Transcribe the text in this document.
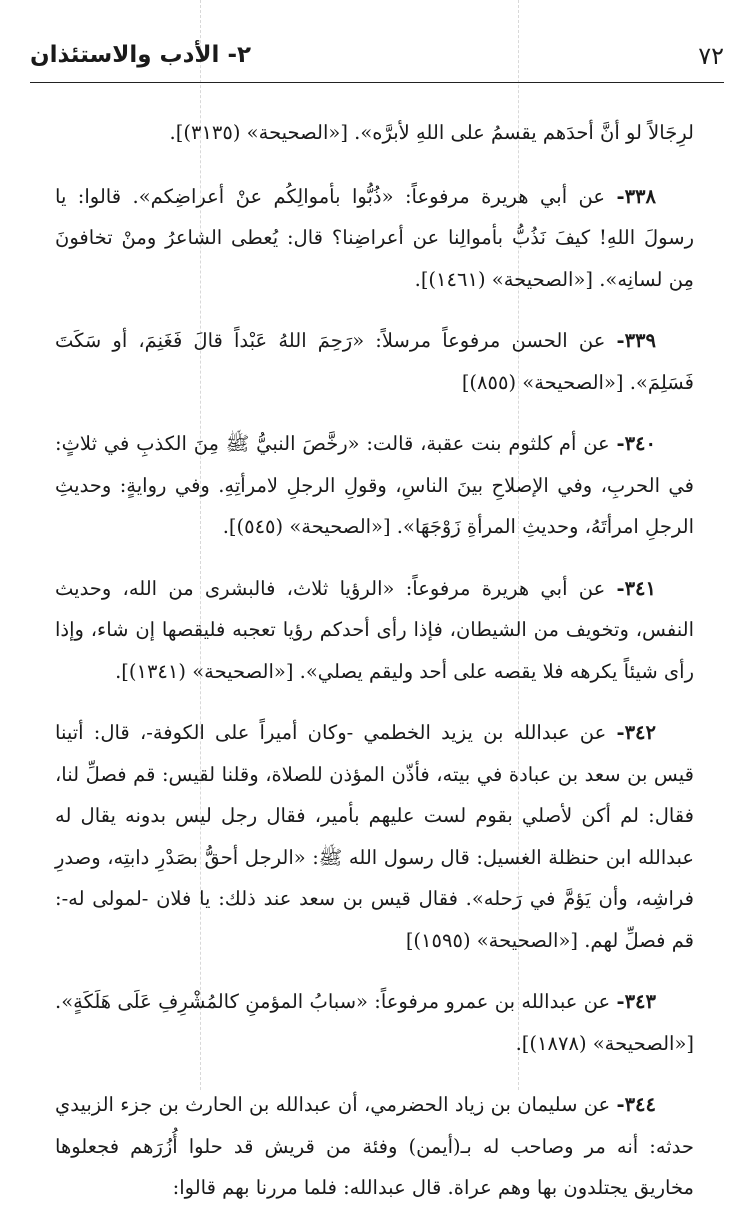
٧٢
٢- الأدب والاستئذان

لرِجَالاً لو أنَّ أحدَهم يقسمُ على اللهِ لأبرَّه». [«الصحيحة» (٣١٣٥)].

٣٣٨- عن أبي هريرة مرفوعاً: «ذُبُّوا بأموالِكُم عنْ أعراضِكم». قالوا: يا رسولَ اللهِ! كيفَ نَذُبُّ بأموالِنا عن أعراضِنا؟ قال: يُعطى الشاعرُ ومنْ تخافونَ مِن لسانِه». [«الصحيحة» (١٤٦١)].

٣٣٩- عن الحسن مرفوعاً مرسلاً: «رَحِمَ اللهُ عَبْداً قالَ فَغَنِمَ، أو سَكَتَ فَسَلِمَ». [«الصحيحة» (٨٥٥)]

٣٤٠- عن أم كلثوم بنت عقبة، قالت: «رخَّصَ النبيُّ ﷺ مِنَ الكذبِ في ثلاثٍ: في الحربِ، وفي الإصلاحِ بينَ الناسِ، وقولِ الرجلِ لامرأتِهِ. وفي روايةٍ: وحديثِ الرجلِ امرأتَهُ، وحديثِ المرأةِ زَوْجَهَا». [«الصحيحة» (٥٤٥)].

٣٤١- عن أبي هريرة مرفوعاً: «الرؤيا ثلاث، فالبشرى من الله، وحديث النفس، وتخويف من الشيطان، فإذا رأى أحدكم رؤيا تعجبه فليقصها إن شاء، وإذا رأى شيئاً يكرهه فلا يقصه على أحد وليقم يصلي». [«الصحيحة» (١٣٤١)].

٣٤٢- عن عبدالله بن يزيد الخطمي -وكان أميراً على الكوفة-، قال: أتينا قيس بن سعد بن عبادة في بيته، فأذّن المؤذن للصلاة، وقلنا لقيس: قم فصلِّ لنا، فقال: لم أكن لأصلي بقوم لست عليهم بأمير، فقال رجل ليس بدونه يقال له عبدالله ابن حنظلة الغسيل: قال رسول الله ﷺ: «الرجل أحقُّ بصَدْرِ دابتِه، وصدرِ فراشِه، وأن يَؤمَّ في رَحله». فقال قيس بن سعد عند ذلك: يا فلان -لمولى له-: قم فصلِّ لهم. [«الصحيحة» (١٥٩٥)]

٣٤٣- عن عبدالله بن عمرو مرفوعاً: «سبابُ المؤمنِ كالمُشْرِفِ عَلَى هَلَكَةٍ». [«الصحيحة» (١٨٧٨)].

٣٤٤- عن سليمان بن زياد الحضرمي، أن عبدالله بن الحارث بن جزء الزبيدي حدثه: أنه مر وصاحب له بـ(أيمن) وفئة من قريش قد حلوا أُزُرَهم فجعلوها مخاريق يجتلدون بها وهم عراة. قال عبدالله: فلما مررنا بهم قالوا:
